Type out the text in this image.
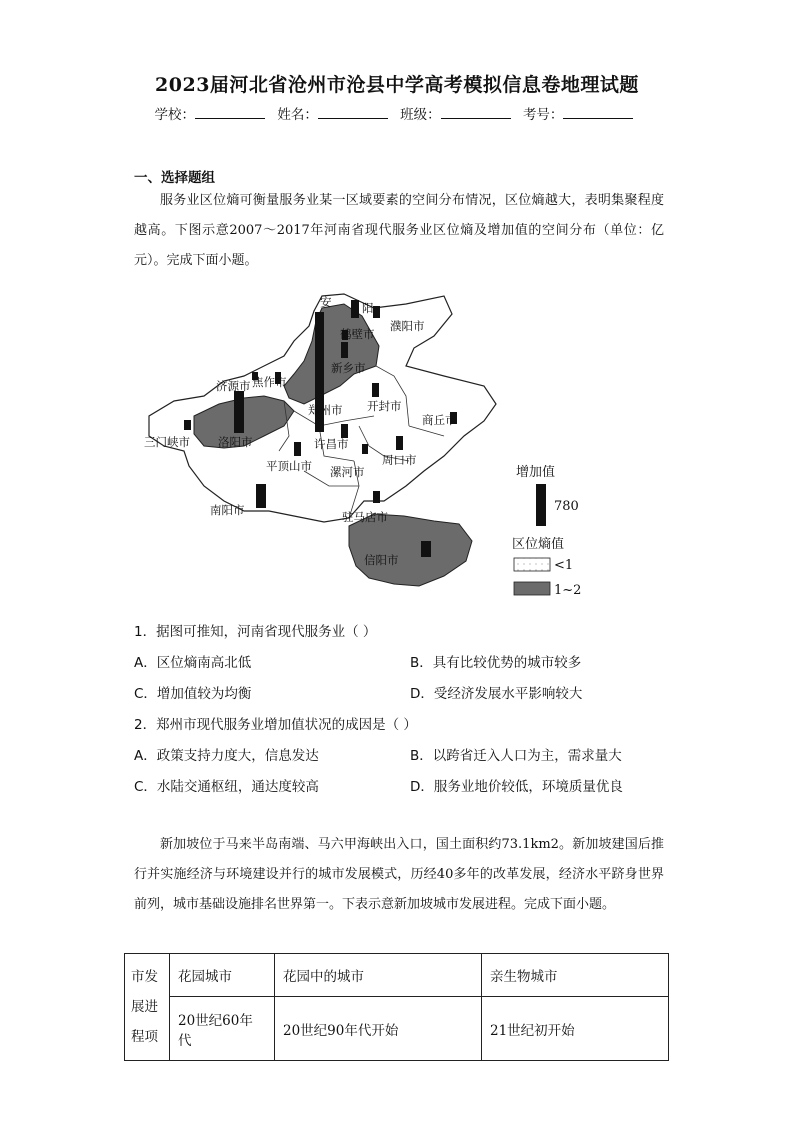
2023届河北省沧州市沧县中学高考模拟信息卷地理试题
学校：	姓名：	班级：	考号：
一、选择题组

服务业区位熵可衡量服务业某一区域要素的空间分布情况，区位熵越大，表明集聚程度越高。下图示意2007～2017年河南省现代服务业区位熵及增加值的空间分布（单位：亿元）。完成下面小题。

安	阳
鹤壁市
濮阳市
新乡市
焦作市
济源市
郑州市 开封市
商丘市
三门峡市 洛阳市	许昌市
平顶山市 漯河市
周口市
南阳市	驻马店市
信阳市
增加值
780
区位熵值
<1
1~2
1．据图可推知，河南省现代服务业（ ）
A．区位熵南高北低	B．具有比较优势的城市较多
C．增加值较为均衡	D．受经济发展水平影响较大
2．郑州市现代服务业增加值状况的成因是（ ）
A．政策支持力度大，信息发达	B．以跨省迁入人口为主，需求量大
C．水陆交通枢纽，通达度较高	D．服务业地价较低，环境质量优良

新加坡位于马来半岛南端、马六甲海峡出入口，国土面积约73.1km2。新加坡建国后推行并实施经济与环境建设并行的城市发展模式，历经40多年的改革发展，经济水平跻身世界前列，城市基础设施排名世界第一。下表示意新加坡城市发展进程。完成下面小题。

市发展进程项	花园城市	花园中的城市	亲生物城市
	20世纪60年代	20世纪90年代开始	21世纪初开始
